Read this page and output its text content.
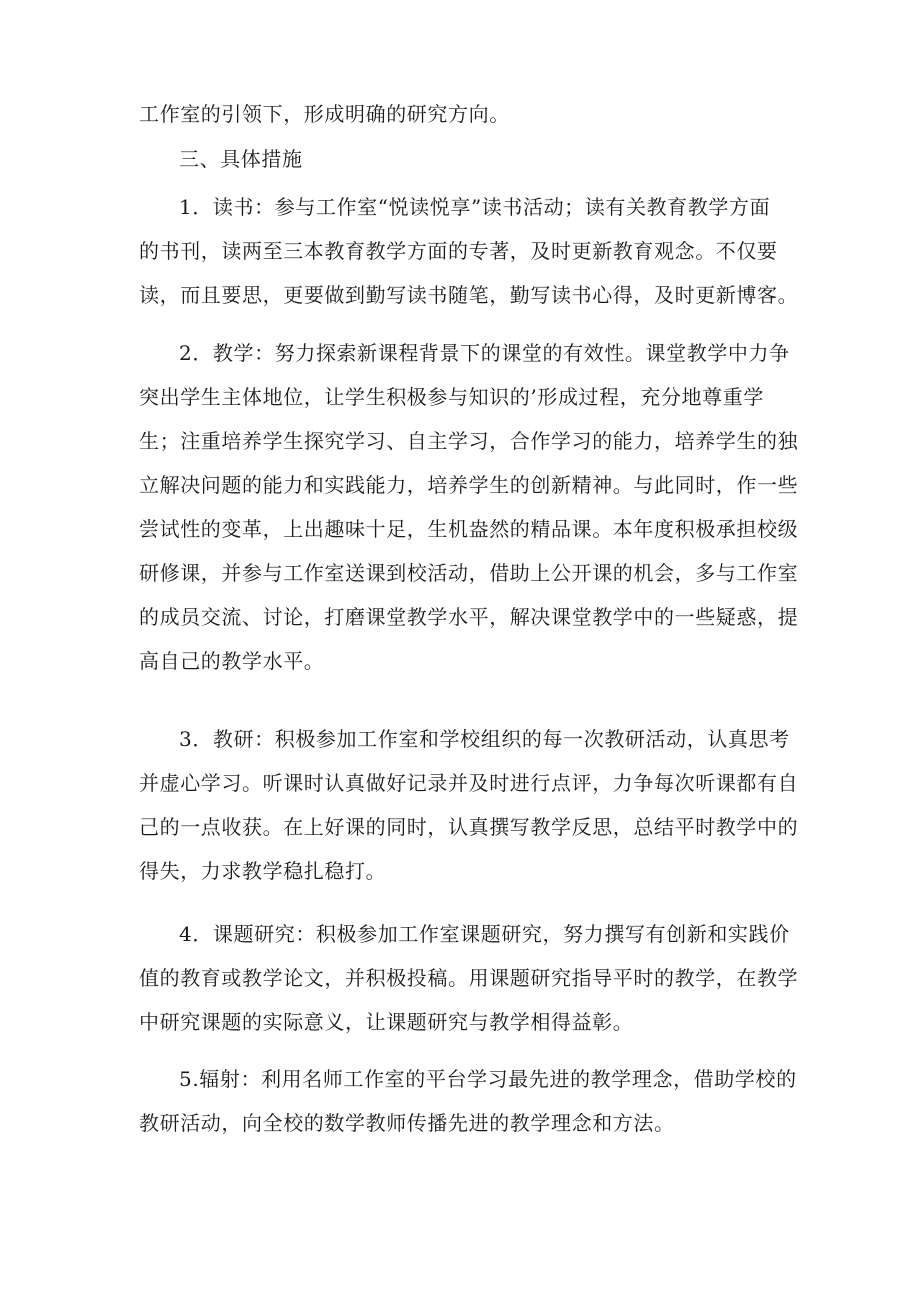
工作室的引领下，形成明确的研究方向。
三、具体措施
1．读书：参与工作室“悦读悦享”读书活动；读有关教育教学方面
的书刊，读两至三本教育教学方面的专著，及时更新教育观念。不仅要
读，而且要思，更要做到勤写读书随笔，勤写读书心得，及时更新博客。
2．教学：努力探索新课程背景下的课堂的有效性。课堂教学中力争
突出学生主体地位，让学生积极参与知识的’形成过程，充分地尊重学
生；注重培养学生探究学习、自主学习，合作学习的能力，培养学生的独
立解决问题的能力和实践能力，培养学生的创新精神。与此同时，作一些
尝试性的变革，上出趣味十足，生机盎然的精品课。本年度积极承担校级
研修课，并参与工作室送课到校活动，借助上公开课的机会，多与工作室
的成员交流、讨论，打磨课堂教学水平，解决课堂教学中的一些疑惑，提
高自己的教学水平。
3．教研：积极参加工作室和学校组织的每一次教研活动，认真思考
并虚心学习。听课时认真做好记录并及时进行点评，力争每次听课都有自
己的一点收获。在上好课的同时，认真撰写教学反思，总结平时教学中的
得失，力求教学稳扎稳打。
4．课题研究：积极参加工作室课题研究，努力撰写有创新和实践价
值的教育或教学论文，并积极投稿。用课题研究指导平时的教学，在教学
中研究课题的实际意义，让课题研究与教学相得益彰。
5.辐射：利用名师工作室的平台学习最先进的教学理念，借助学校的
教研活动，向全校的数学教师传播先进的教学理念和方法。
